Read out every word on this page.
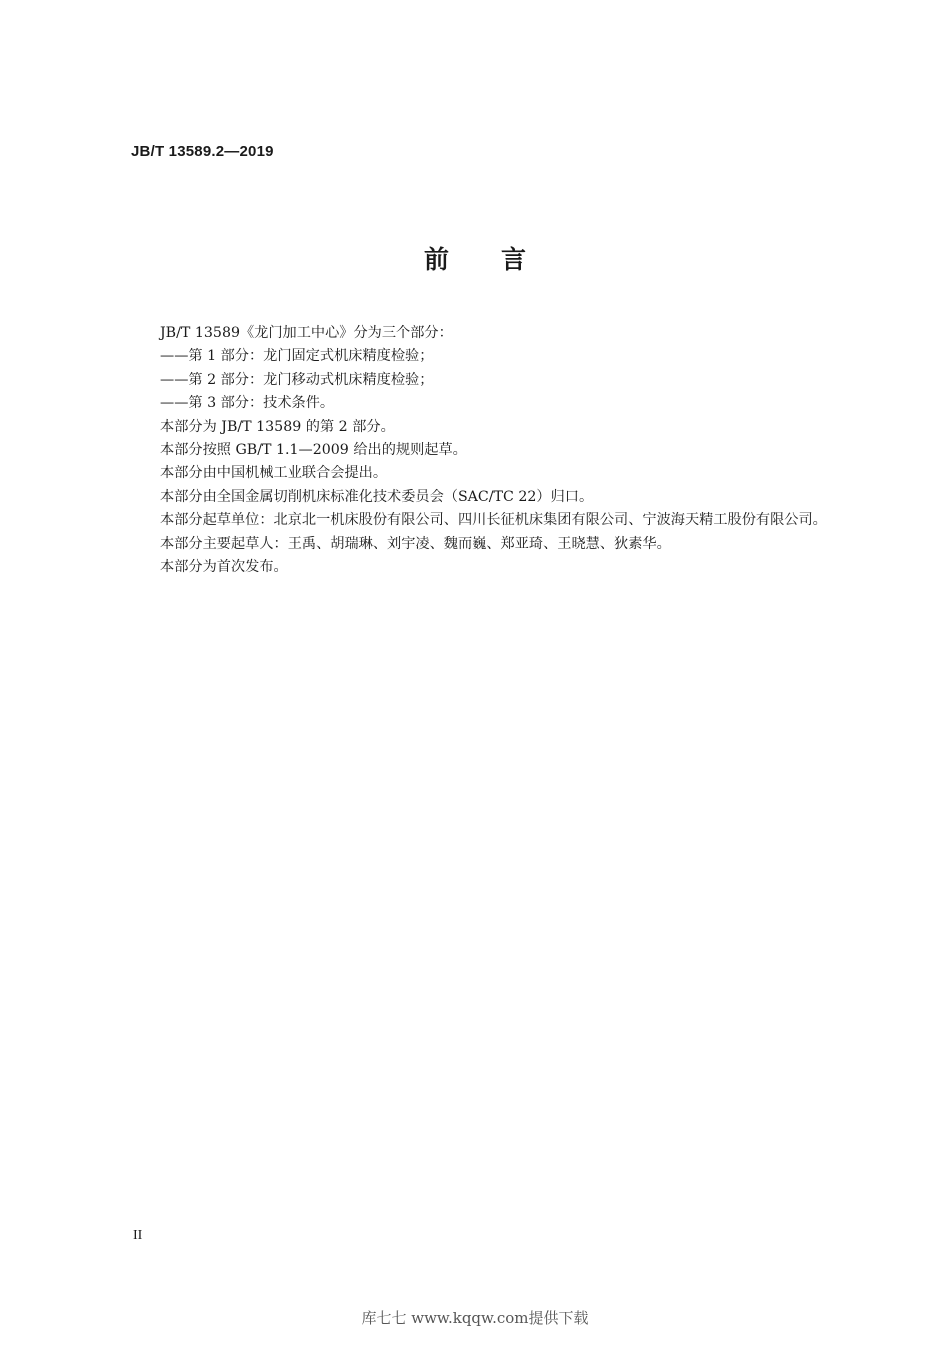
JB/T 13589.2—2019
前言

JB/T 13589《龙门加工中心》分为三个部分：

——第 1 部分：龙门固定式机床精度检验；

——第 2 部分：龙门移动式机床精度检验；

——第 3 部分：技术条件。

本部分为 JB/T 13589 的第 2 部分。

本部分按照 GB/T 1.1—2009 给出的规则起草。

本部分由中国机械工业联合会提出。

本部分由全国金属切削机床标准化技术委员会（SAC/TC 22）归口。

本部分起草单位：北京北一机床股份有限公司、四川长征机床集团有限公司、宁波海天精工股份有限公司。

本部分主要起草人：王禹、胡瑞琳、刘宇凌、魏而巍、郑亚琦、王晓慧、狄素华。

本部分为首次发布。

II
库七七 www.kqqw.com提供下载
